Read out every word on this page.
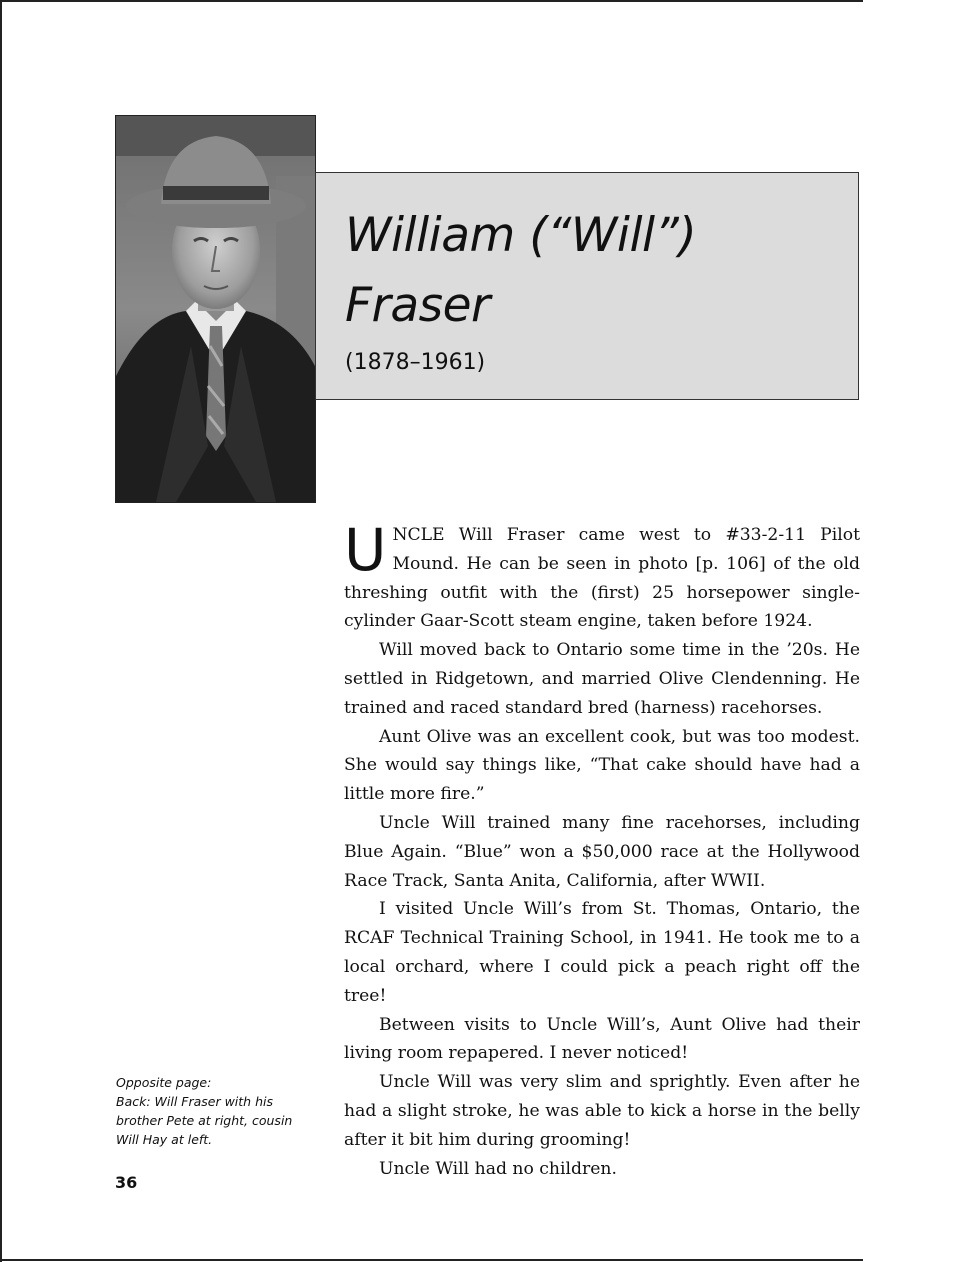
William (“Will”)
Fraser
(1878–1961)

UNCLE Will Fraser came west to #33-2-11 Pilot Mound. He can be seen in photo [p. 106] of the old threshing outfit with the (first) 25 horsepower single-cylinder Gaar-Scott steam engine, taken before 1924.

Will moved back to Ontario some time in the ’20s. He settled in Ridgetown, and married Olive Clendenning. He trained and raced standard bred (harness) racehorses.

Aunt Olive was an excellent cook, but was too modest. She would say things like, “That cake should have had a little more fire.”

Uncle Will trained many fine racehorses, including Blue Again. “Blue” won a $50,000 race at the Hollywood Race Track, Santa Anita, California, after WWII.

I visited Uncle Will’s from St. Thomas, Ontario, the RCAF Technical Training School, in 1941. He took me to a local orchard, where I could pick a peach right off the tree!

Between visits to Uncle Will’s, Aunt Olive had their living room repapered. I never noticed!

Uncle Will was very slim and sprightly. Even after he had a slight stroke, he was able to kick a horse in the belly after it bit him during grooming!

Uncle Will had no children.

Opposite page:
Back: Will Fraser with his
brother Pete at right, cousin
Will Hay at left.
36
